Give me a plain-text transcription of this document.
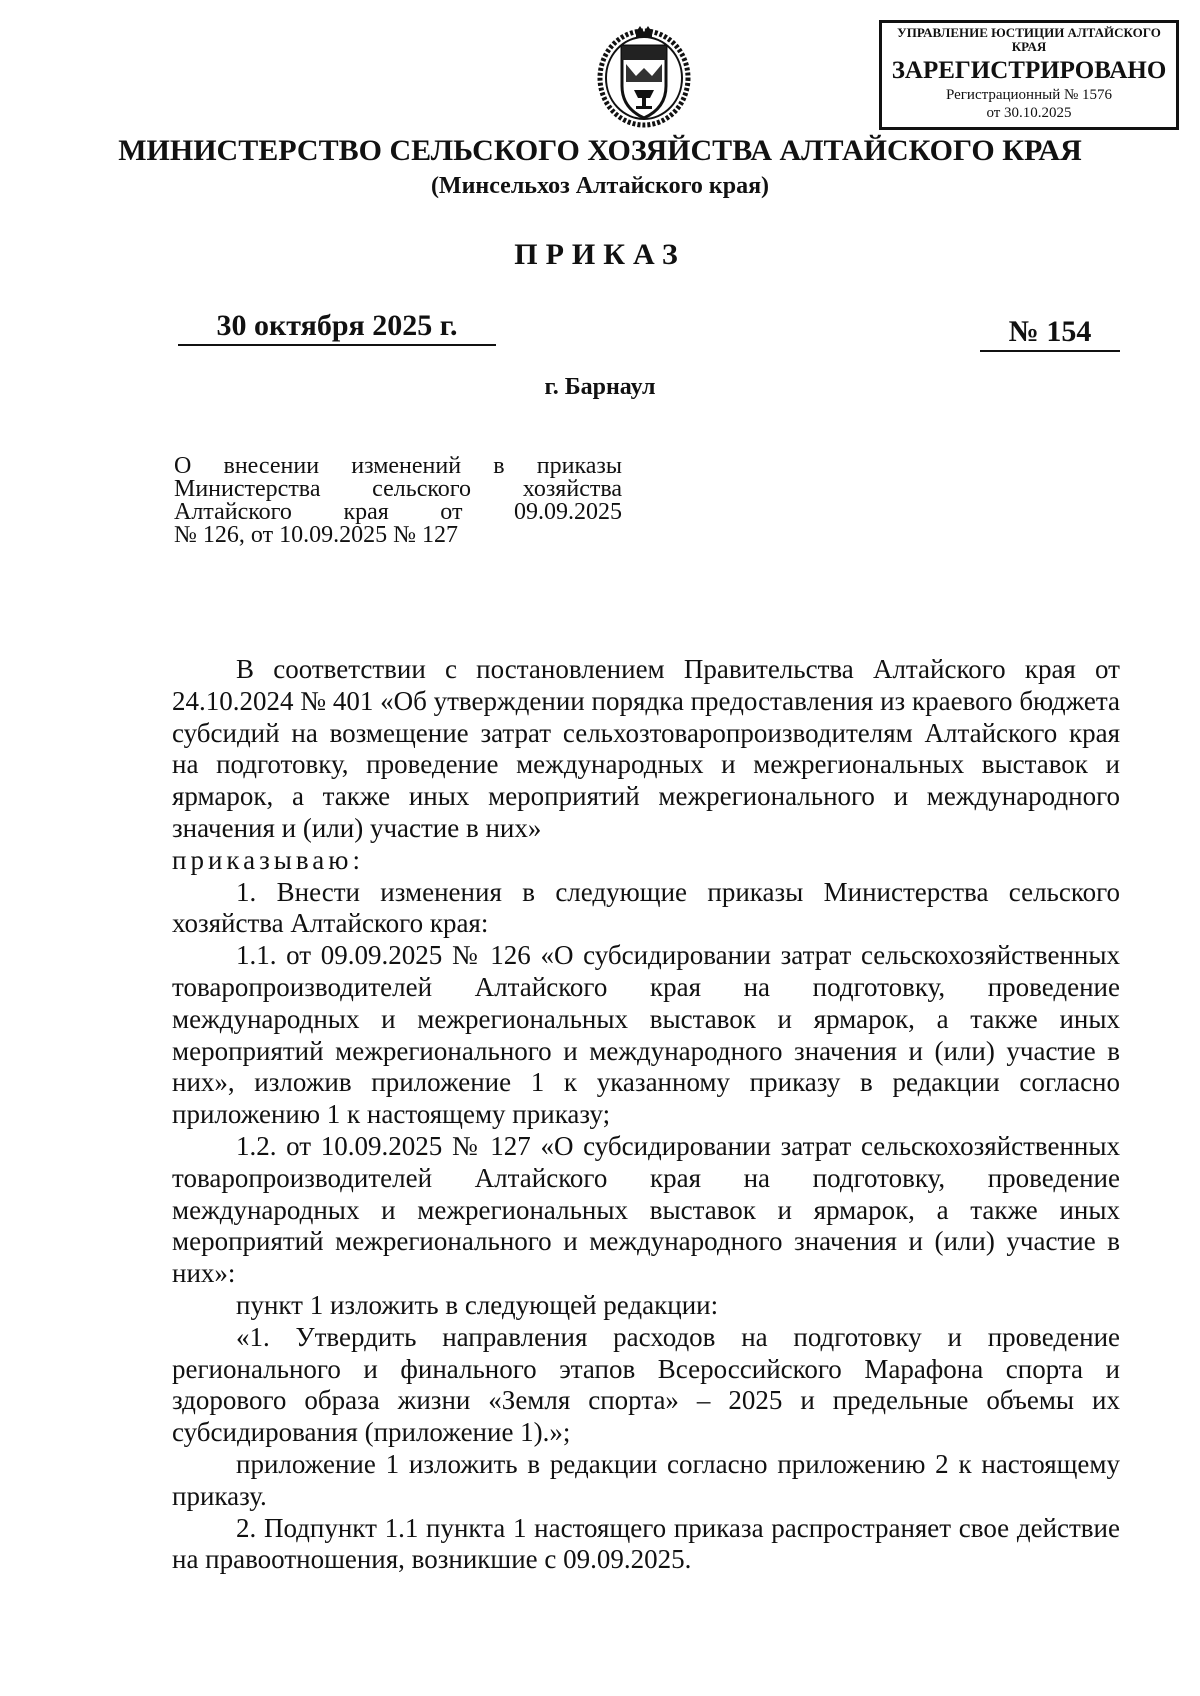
УПРАВЛЕНИЕ ЮСТИЦИИ АЛТАЙСКОГО КРАЯ
ЗАРЕГИСТРИРОВАНО
Регистрационный № 1576
от 30.10.2025
МИНИСТЕРСТВО СЕЛЬСКОГО ХОЗЯЙСТВА АЛТАЙСКОГО КРАЯ
(Минсельхоз Алтайского края)
ПРИКАЗ
30 октября 2025 г.	№ 154
г. Барнаул

О внесении изменений в приказы

Министерства сельского хозяйства

Алтайского края от 09.09.2025

№ 126, от 10.09.2025 № 127

В соответствии с постановлением Правительства Алтайского края от 24.10.2024 № 401 «Об утверждении порядка предоставления из краевого бюджета субсидий на возмещение затрат сельхозтоваропроизводителям Алтайского края на подготовку, проведение международных и межрегиональных выставок и ярмарок, а также иных мероприятий межрегионального и международного значения и (или) участие в них»

приказываю:

1. Внести изменения в следующие приказы Министерства сельского хозяйства Алтайского края:

1.1. от 09.09.2025 № 126 «О субсидировании затрат сельскохозяйственных товаропроизводителей Алтайского края на подготовку, проведение международных и межрегиональных выставок и ярмарок, а также иных мероприятий межрегионального и международного значения и (или) участие в них», изложив приложение 1 к указанному приказу в редакции согласно приложению 1 к настоящему приказу;

1.2. от 10.09.2025 № 127 «О субсидировании затрат сельскохозяйственных товаропроизводителей Алтайского края на подготовку, проведение международных и межрегиональных выставок и ярмарок, а также иных мероприятий межрегионального и международного значения и (или) участие в них»:

пункт 1 изложить в следующей редакции:

«1. Утвердить направления расходов на подготовку и проведение регионального и финального этапов Всероссийского Марафона спорта и здорового образа жизни «Земля спорта» – 2025 и предельные объемы их субсидирования (приложение 1).»;

приложение 1 изложить в редакции согласно приложению 2 к настоящему приказу.

2. Подпункт 1.1 пункта 1 настоящего приказа распространяет свое действие на правоотношения, возникшие с 09.09.2025.
